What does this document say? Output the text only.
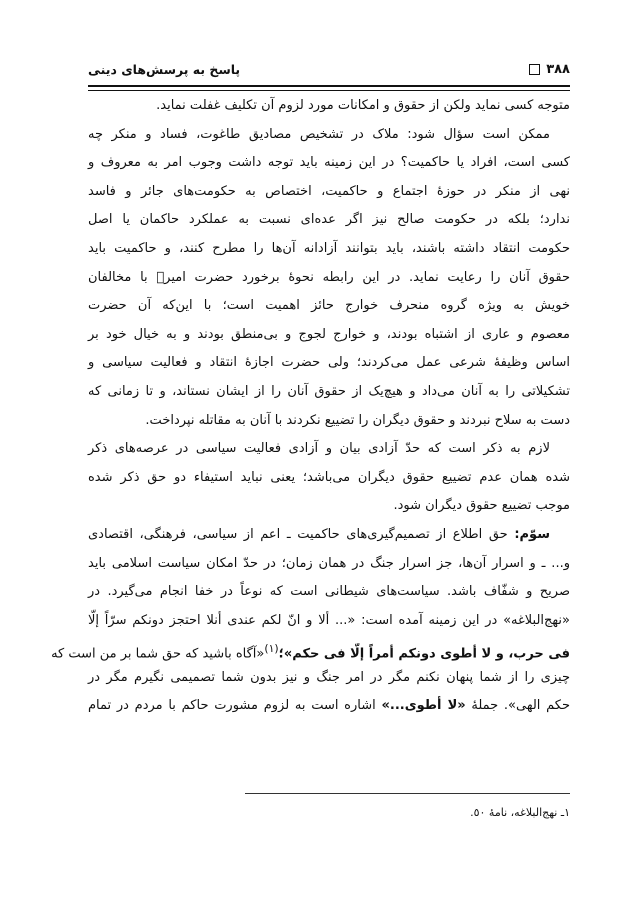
پاسخ به پرسش‌های دینی	٣٨٨
متوجه کسی نماید ولکن از حقوق و امکانات مورد لزوم آن تکلیف غفلت نماید.
ممکن است سؤال شود: ملاک در تشخیص مصادیق طاغوت، فساد و منکر چه
کسی است، افراد یا حاکمیت؟ در این زمینه باید توجه داشت وجوب امر به معروف و
نهی از منکر در حوزهٔ اجتماع و حاکمیت، اختصاص به حکومت‌های جائر و فاسد
ندارد؛ بلکه در حکومت صالح نیز اگر عده‌ای نسبت به عملکرد حاکمان یا اصل
حکومت انتقاد داشته باشند، باید بتوانند آزادانه آن‌ها را مطرح کنند، و حاکمیت باید
حقوق آنان را رعایت نماید. در این رابطه نحوهٔ برخورد حضرت امیرؐ با مخالفان
خویش به ویژه گروه منحرف خوارج حائز اهمیت است؛ با این‌که آن حضرت
معصوم و عاری از اشتباه بودند، و خوارج لجوج و بی‌منطق بودند و به خیال خود بر
اساس وظیفهٔ شرعی عمل می‌کردند؛ ولی حضرت اجازهٔ انتقاد و فعالیت سیاسی و
تشکیلاتی را به آنان می‌داد و هیچ‌یک از حقوق آنان را از ایشان نستاند، و تا زمانی که
دست به سلاح نبردند و حقوق دیگران را تضییع نکردند با آنان به مقاتله نپرداخت.
لازم به ذکر است که حدّ آزادی بیان و آزادی فعالیت سیاسی در عرصه‌های ذکر
شده همان عدم تضییع حقوق دیگران می‌باشد؛ یعنی نباید استیفاء دو حق ذکر شده
موجب تضییع حقوق دیگران شود.
سوّم: حق اطلاع از تصمیم‌گیری‌های حاکمیت ـ اعم از سیاسی، فرهنگی، اقتصادی
و... ـ و اسرار آن‌ها، جز اسرار جنگ در همان زمان؛ در حدّ امکان سیاست اسلامی باید
صریح و شفّاف باشد. سیاست‌های شیطانی است که نوعاً در خفا انجام می‌گیرد. در
«نهج‌البلاغه» در این زمینه آمده است: «... ألا و انّ لکم عندی أنلا احتجز دونکم سرّاً إلّا
فی حرب، و لا أطوی دونکم أمراً إلّا فی حکم»؛$^{(١)}$«آگاه باشید که حق شما بر من است که
چیزی را از شما پنهان نکنم مگر در امر جنگ و نیز بدون شما تصمیمی نگیرم مگر در
حکم الهی». جملهٔ «لا أطوی...» اشاره است به لزوم مشورت حاکم با مردم در تمام
١ـ نهج‌البلاغه، نامهٔ ٥٠.
